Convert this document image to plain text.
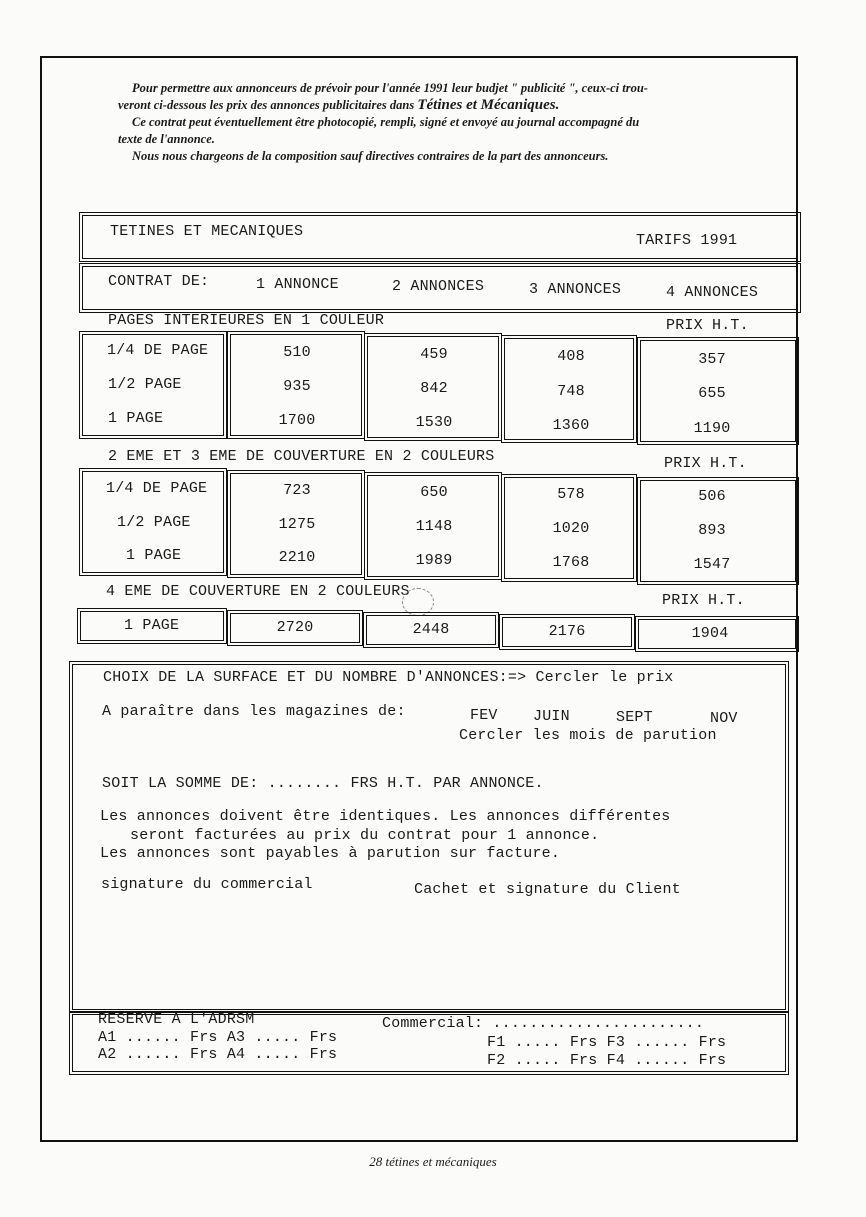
Pour permettre aux annonceurs de prévoir pour l'année 1991 leur budjet " publicité ", ceux-ci trou-

veront ci-dessous les prix des annonces publicitaires dans Tétines et Mécaniques.

Ce contrat peut éventuellement être photocopié, rempli, signé et envoyé au journal accompagné du

texte de l'annonce.

Nous nous chargeons de la composition sauf directives contraires de la part des annonceurs.

TETINES ET MECANIQUES
TARIFS 1991
CONTRAT DE:	1 ANNONCE	2 ANNONCES	3 ANNONCES	4 ANNONCES
PAGES INTERIEURES EN 1 COULEUR	PRIX H.T.
1/4 DE PAGE	510	459	408	357
1/2 PAGE	935	842	748	655
1 PAGE	1700	1530	1360	1190
2 EME ET 3 EME DE COUVERTURE EN 2 COULEURS	PRIX H.T.
1/4 DE PAGE	723	650	578	506
1/2 PAGE	1275	1148	1020	893
1 PAGE	2210	1989	1768	1547
4 EME DE COUVERTURE EN 2 COULEURS
PRIX H.T.
1 PAGE	2720	2448	2176	1904
CHOIX DE LA SURFACE ET DU NOMBRE D'ANNONCES:=> Cercler le prix
A paraître dans les magazines de:	FEV JUIN	SEPT	NOV
Cercler les mois de parution
SOIT LA SOMME DE: ........ FRS H.T. PAR ANNONCE.
Les annonces doivent être identiques. Les annonces différentes
seront facturées au prix du contrat pour 1 annonce.
Les annonces sont payables à parution sur facture.
signature du commercial	Cachet et signature du Client
RESERVE A L'ADRSM	Commercial: .......................
A1 ...... Frs A3 ..... Frs
A2 ...... Frs A4 ..... Frs
F1 ..... Frs F3 ...... Frs
F2 ..... Frs F4 ...... Frs
28 tétines et mécaniques
